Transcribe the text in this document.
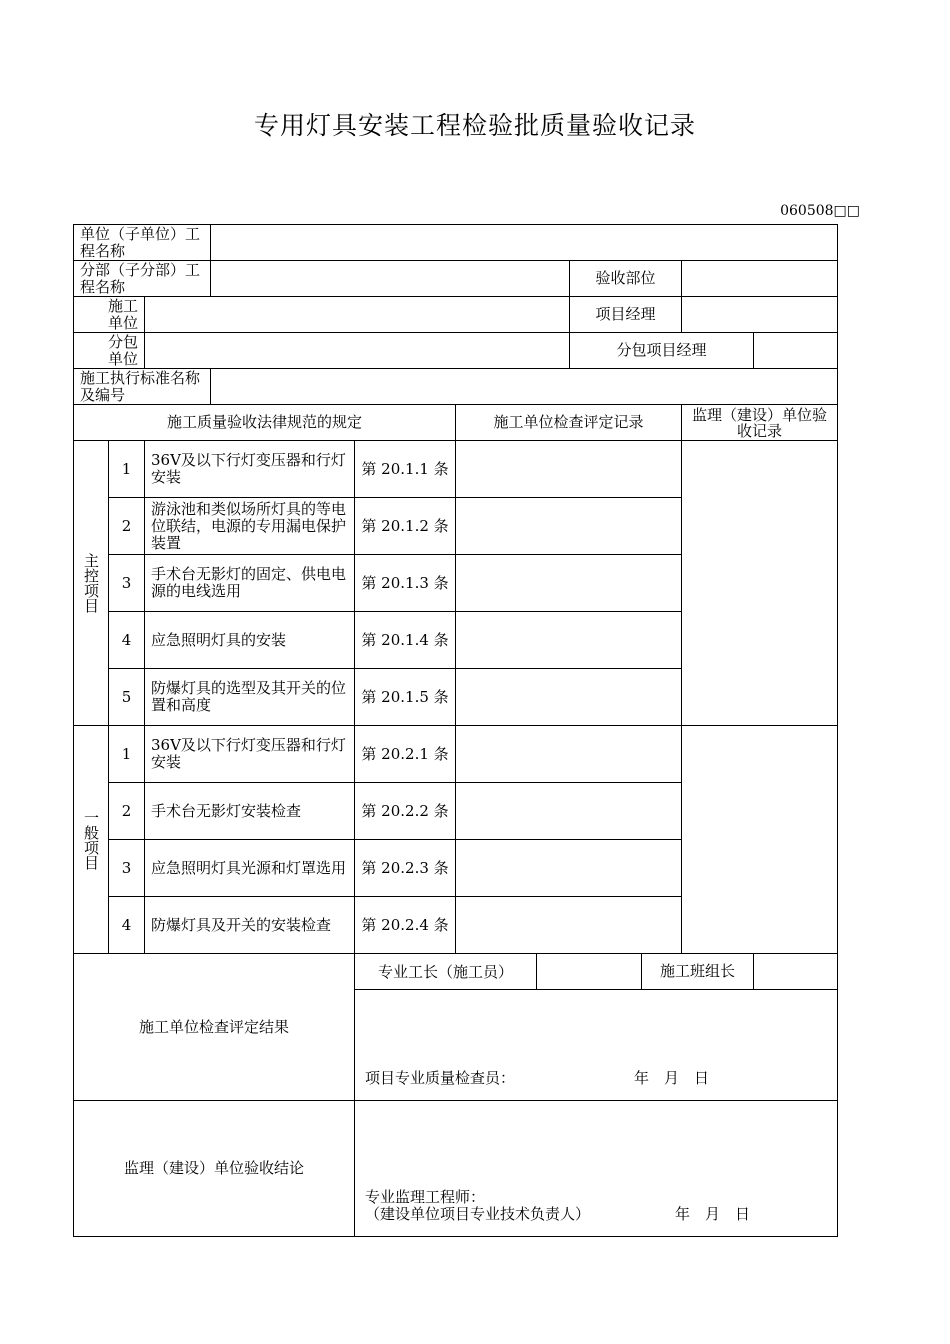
专用灯具安装工程检验批质量验收记录
060508□□
单位（子单位）工程名称										
分部（子分部）工程名称							验收部位			
施工单位							项目经理			
分包单位							分包项目经理			
施工执行标准名称及编号										
施工质量验收法律规范的规定					施工单位检查评定记录				监理（建设）单位验收记录	
主控项目	1	36V及以下行灯变压器和行灯安装		第 20.1.1 条						
	2	游泳池和类似场所灯具的等电位联结，电源的专用漏电保护装置		第 20.1.2 条						
	3	手术台无影灯的固定、供电电源的电线选用		第 20.1.3 条						
	4	应急照明灯具的安装		第 20.1.4 条						
	5	防爆灯具的选型及其开关的位置和高度		第 20.1.5 条						
一般项目	1	36V及以下行灯变压器和行灯安装		第 20.2.1 条						
	2	手术台无影灯安装检查		第 20.2.2 条						
	3	应急照明灯具光源和灯罩选用		第 20.2.3 条						
	4	防爆灯具及开关的安装检查		第 20.2.4 条						
施工单位检查评定结果				专业工长（施工员）				施工班组长		

				项目专业质量检查员： 年　月　日						

监理（建设）单位验收结论				专业监理工程师：
（建设单位项目专业技术负责人） 年　月　日						
